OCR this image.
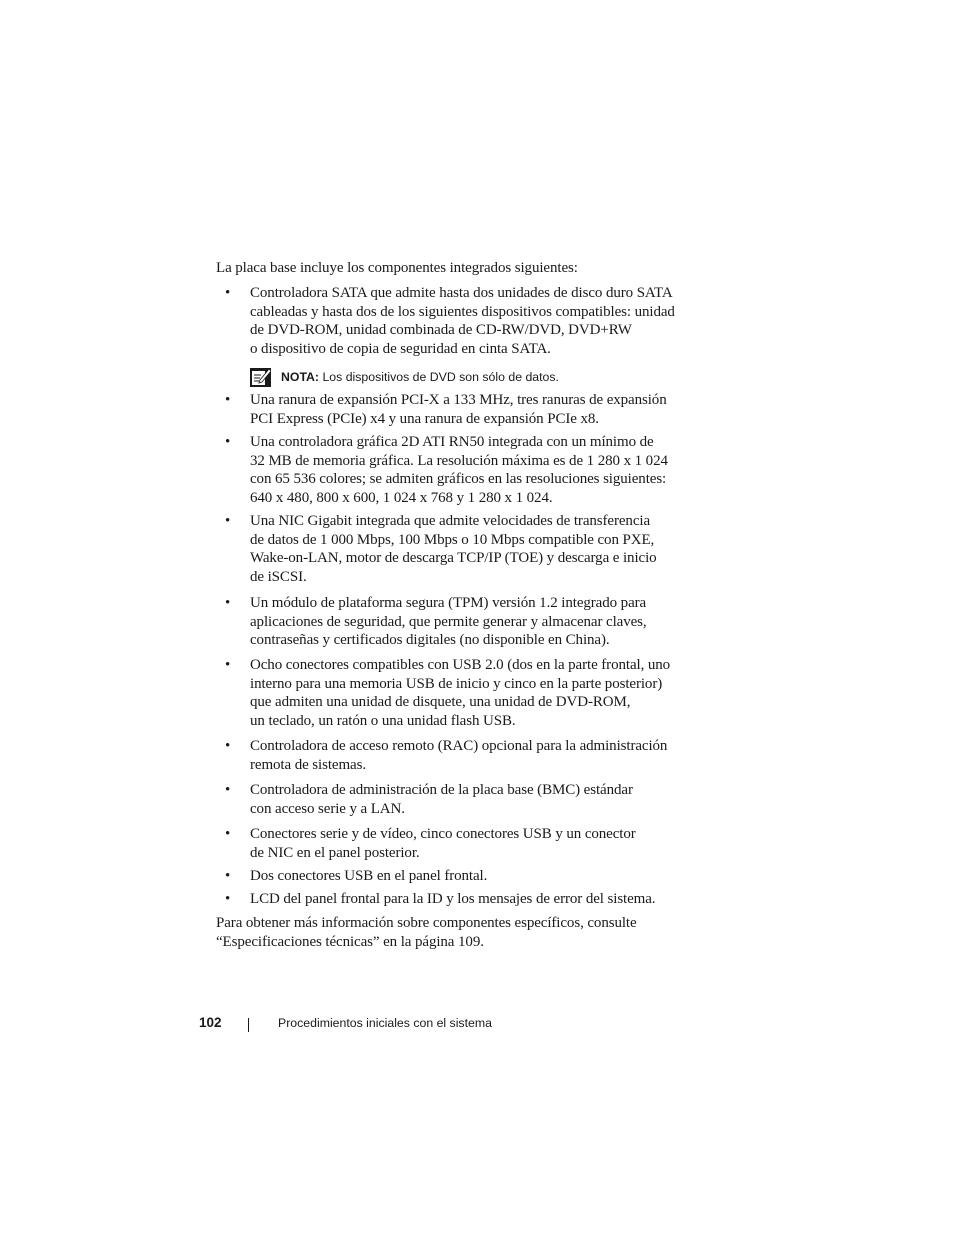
La placa base incluye los componentes integrados siguientes:

• Controladora SATA que admite hasta dos unidades de disco duro SATA
cableadas y hasta dos de los siguientes dispositivos compatibles: unidad
de DVD-ROM, unidad combinada de CD-RW/DVD, DVD+RW
o dispositivo de copia de seguridad en cinta SATA.
NOTA: Los dispositivos de DVD son sólo de datos.
• Una ranura de expansión PCI-X a 133 MHz, tres ranuras de expansión
PCI Express (PCIe) x4 y una ranura de expansión PCIe x8.
• Una controladora gráfica 2D ATI RN50 integrada con un mínimo de
32 MB de memoria gráfica. La resolución máxima es de 1 280 x 1 024
con 65 536 colores; se admiten gráficos en las resoluciones siguientes:
640 x 480, 800 x 600, 1 024 x 768 y 1 280 x 1 024.
• Una NIC Gigabit integrada que admite velocidades de transferencia
de datos de 1 000 Mbps, 100 Mbps o 10 Mbps compatible con PXE,
Wake-on-LAN, motor de descarga TCP/IP (TOE) y descarga e inicio
de iSCSI.
• Un módulo de plataforma segura (TPM) versión 1.2 integrado para
aplicaciones de seguridad, que permite generar y almacenar claves,
contraseñas y certificados digitales (no disponible en China).
• Ocho conectores compatibles con USB 2.0 (dos en la parte frontal, uno
interno para una memoria USB de inicio y cinco en la parte posterior)
que admiten una unidad de disquete, una unidad de DVD-ROM,
un teclado, un ratón o una unidad flash USB.
• Controladora de acceso remoto (RAC) opcional para la administración
remota de sistemas.
• Controladora de administración de la placa base (BMC) estándar
con acceso serie y a LAN.
• Conectores serie y de vídeo, cinco conectores USB y un conector
de NIC en el panel posterior.
• Dos conectores USB en el panel frontal.
• LCD del panel frontal para la ID y los mensajes de error del sistema.
Para obtener más información sobre componentes específicos, consulte
“Especificaciones técnicas” en la página 109.
102	Procedimientos iniciales con el sistema
